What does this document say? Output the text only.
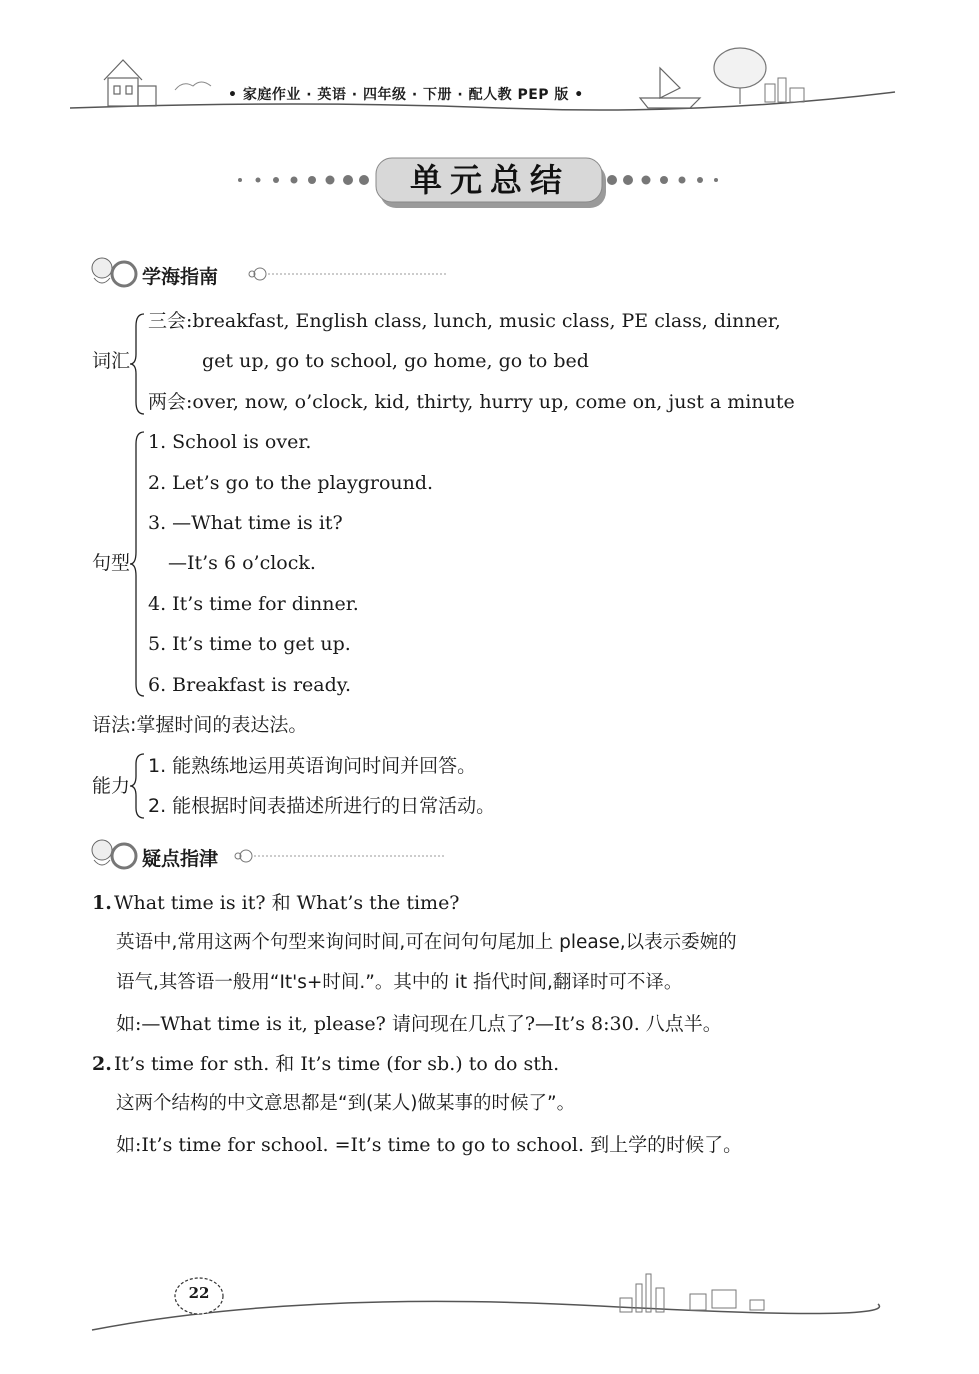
• 家庭作业 · 英语 · 四年级 · 下册 · 配人教 PEP 版 •
单元总结
学海指南
词汇
三会:breakfast, English class, lunch, music class, PE class, dinner,
get up, go to school, go home, go to bed
两会:over, now, o’clock, kid, thirty, hurry up, come on, just a minute
句型
1. School is over.
2. Let’s go to the playground.
3. —What time is it?
—It’s 6 o’clock.
4. It’s time for dinner.
5. It’s time to get up.
6. Breakfast is ready.
语法:掌握时间的表达法。
能力
1. 能熟练地运用英语询问时间并回答。
2. 能根据时间表描述所进行的日常活动。
疑点指津
1. What time is it? 和 What’s the time?
英语中,常用这两个句型来询问时间,可在问句句尾加上 please,以表示委婉的
语气,其答语一般用“It's+时间.”。其中的 it 指代时间,翻译时可不译。
如:—What time is it, please? 请问现在几点了?—It’s 8:30. 八点半。
2. It’s time for sth. 和 It’s time (for sb.) to do sth.
这两个结构的中文意思都是“到(某人)做某事的时候了”。
如:It’s time for school. =It’s time to go to school. 到上学的时候了。
22
